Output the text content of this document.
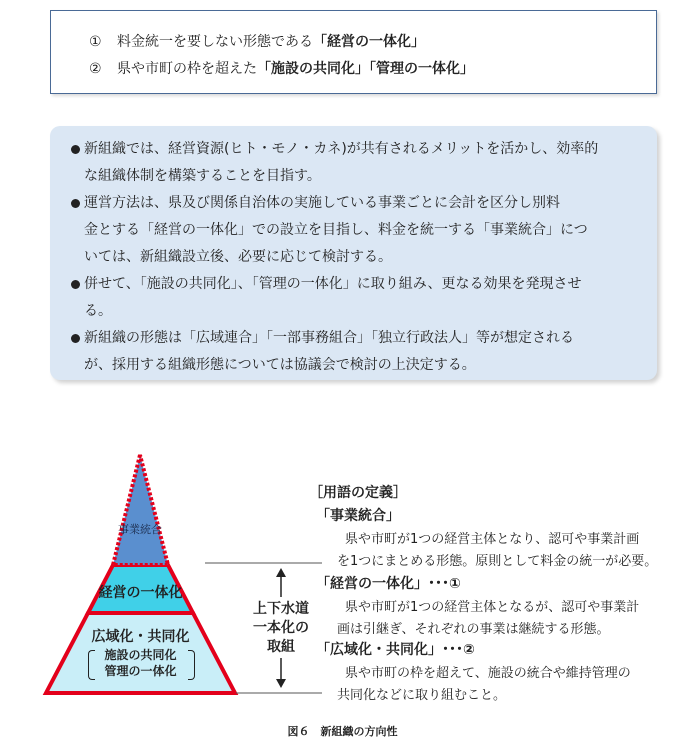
① 料金統一を要しない形態である「経営の一体化」
② 県や市町の枠を超えた「施設の共同化」「管理の一体化」
新組織では、経営資源(ヒト・モノ・カネ)が共有されるメリットを活かし、効率的
な組織体制を構築することを目指す。
運営方法は、県及び関係自治体の実施している事業ごとに会計を区分し別料
金とする「経営の一体化」での設立を目指し、料金を統一する「事業統合」につ
いては、新組織設立後、必要に応じて検討する。
併せて、「施設の共同化」、「管理の一体化」に取り組み、更なる効果を発現させ
る。
新組織の形態は「広域連合」「一部事務組合」「独立行政法人」等が想定される
が、採用する組織形態については協議会で検討の上決定する。
事業統合
経営の一体化
広域化・共同化
施設の共同化
管理の一体化
上下水道
一本化の
取組
［用語の定義］
「事業統合」
県や市町が1つの経営主体となり、認可や事業計画
を1つにまとめる形態。原則として料金の統一が必要。
「経営の一体化」･･･①
県や市町が1つの経営主体となるが、認可や事業計
画は引継ぎ、それぞれの事業は継続する形態。
「広域化・共同化」･･･②
県や市町の枠を超えて、施設の統合や維持管理の
共同化などに取り組むこと。
図６　新組織の方向性
